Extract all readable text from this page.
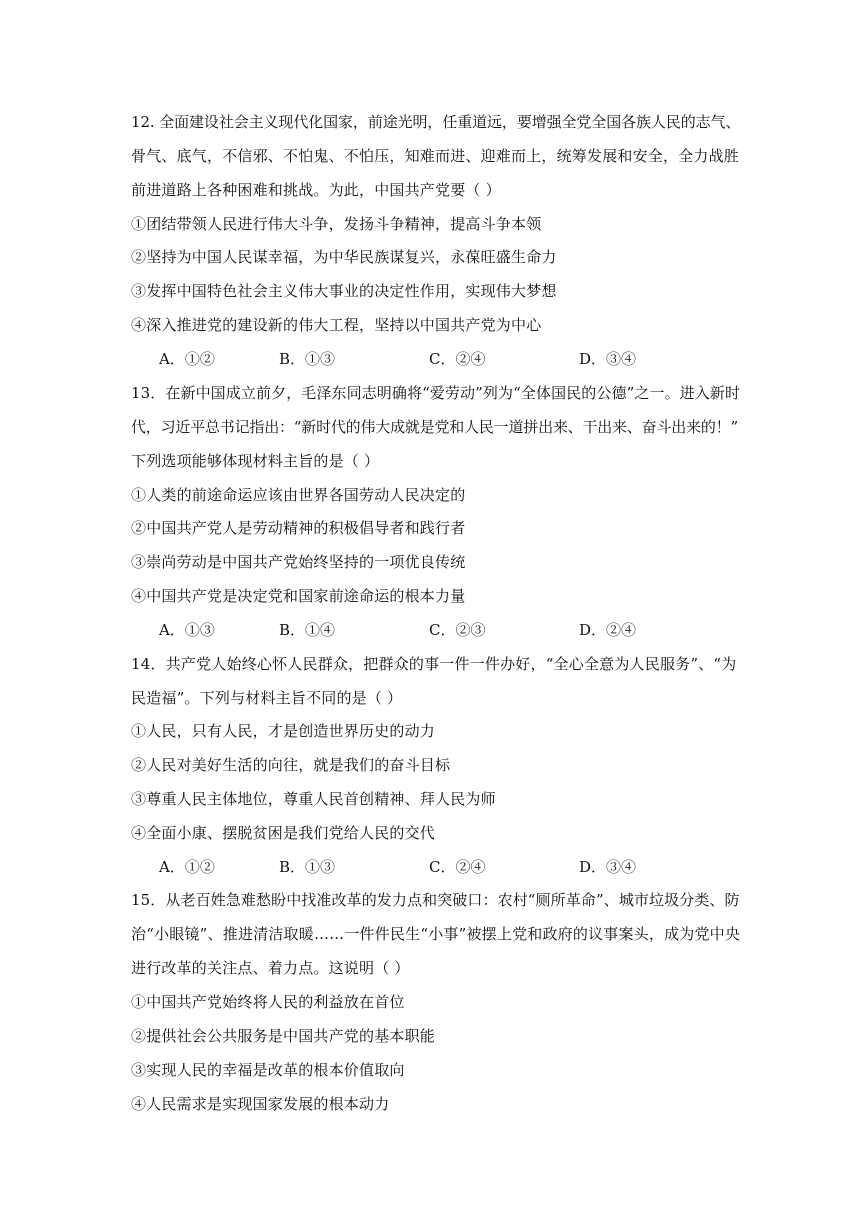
12. 全面建设社会主义现代化国家，前途光明，任重道远，要增强全党全国各族人民的志气、
骨气、底气，不信邪、不怕鬼、不怕压，知难而进、迎难而上，统筹发展和安全，全力战胜
前进道路上各种困难和挑战。为此，中国共产党要（ ）
①团结带领人民进行伟大斗争，发扬斗争精神，提高斗争本领
②坚持为中国人民谋幸福，为中华民族谋复兴，永葆旺盛生命力
③发挥中国特色社会主义伟大事业的决定性作用，实现伟大梦想
④深入推进党的建设新的伟大工程，坚持以中国共产党为中心
A．①②	B．①③	C．②④	D．③④
13．在新中国成立前夕，毛泽东同志明确将“爱劳动”列为“全体国民的公德”之一。进入新时
代，习近平总书记指出：“新时代的伟大成就是党和人民一道拼出来、干出来、奋斗出来的！”
下列选项能够体现材料主旨的是（ ）
①人类的前途命运应该由世界各国劳动人民决定的
②中国共产党人是劳动精神的积极倡导者和践行者
③崇尚劳动是中国共产党始终坚持的一项优良传统
④中国共产党是决定党和国家前途命运的根本力量
A．①③	B．①④	C．②③	D．②④
14．共产党人始终心怀人民群众，把群众的事一件一件办好，“全心全意为人民服务”、“为
民造福”。下列与材料主旨不同的是（ ）
①人民，只有人民，才是创造世界历史的动力
②人民对美好生活的向往，就是我们的奋斗目标
③尊重人民主体地位，尊重人民首创精神、拜人民为师
④全面小康、摆脱贫困是我们党给人民的交代
A．①②	B．①③	C．②④	D．③④
15．从老百姓急难愁盼中找准改革的发力点和突破口：农村“厕所革命”、城市垃圾分类、防
治“小眼镜”、推进清洁取暖……一件件民生“小事”被摆上党和政府的议事案头，成为党中央
进行改革的关注点、着力点。这说明（ ）
①中国共产党始终将人民的利益放在首位
②提供社会公共服务是中国共产党的基本职能
③实现人民的幸福是改革的根本价值取向
④人民需求是实现国家发展的根本动力
